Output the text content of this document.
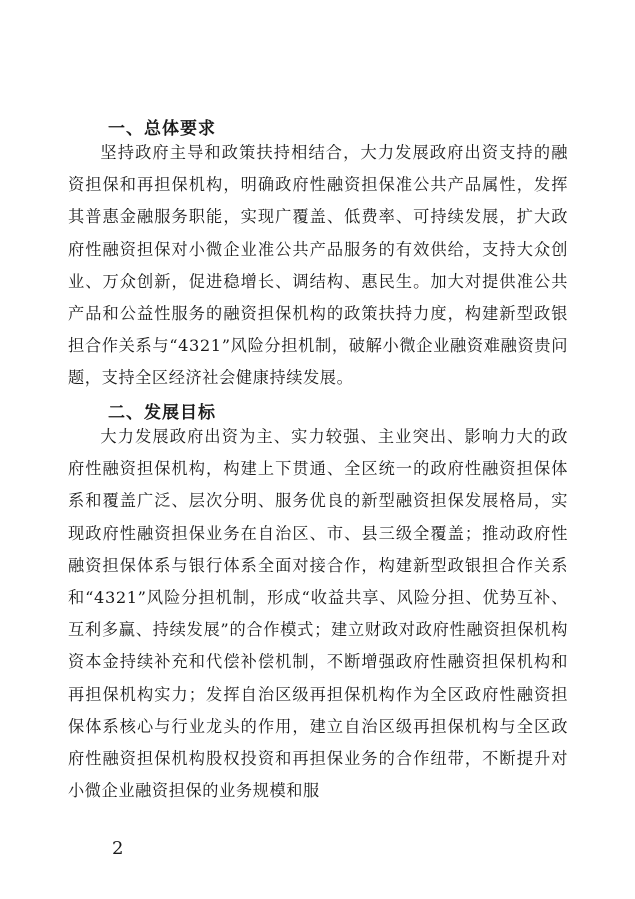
一、总体要求

坚持政府主导和政策扶持相结合，大力发展政府出资支持的融资担保和再担保机构，明确政府性融资担保准公共产品属性，发挥其普惠金融服务职能，实现广覆盖、低费率、可持续发展，扩大政府性融资担保对小微企业准公共产品服务的有效供给，支持大众创业、万众创新，促进稳增长、调结构、惠民生。加大对提供准公共产品和公益性服务的融资担保机构的政策扶持力度，构建新型政银担合作关系与“4321”风险分担机制，破解小微企业融资难融资贵问题，支持全区经济社会健康持续发展。

二、发展目标

大力发展政府出资为主、实力较强、主业突出、影响力大的政府性融资担保机构，构建上下贯通、全区统一的政府性融资担保体系和覆盖广泛、层次分明、服务优良的新型融资担保发展格局，实现政府性融资担保业务在自治区、市、县三级全覆盖；推动政府性融资担保体系与银行体系全面对接合作，构建新型政银担合作关系和“4321”风险分担机制，形成“收益共享、风险分担、优势互补、互利多赢、持续发展”的合作模式；建立财政对政府性融资担保机构资本金持续补充和代偿补偿机制，不断增强政府性融资担保机构和再担保机构实力；发挥自治区级再担保机构作为全区政府性融资担保体系核心与行业龙头的作用，建立自治区级再担保机构与全区政府性融资担保机构股权投资和再担保业务的合作纽带，不断提升对小微企业融资担保的业务规模和服

2
